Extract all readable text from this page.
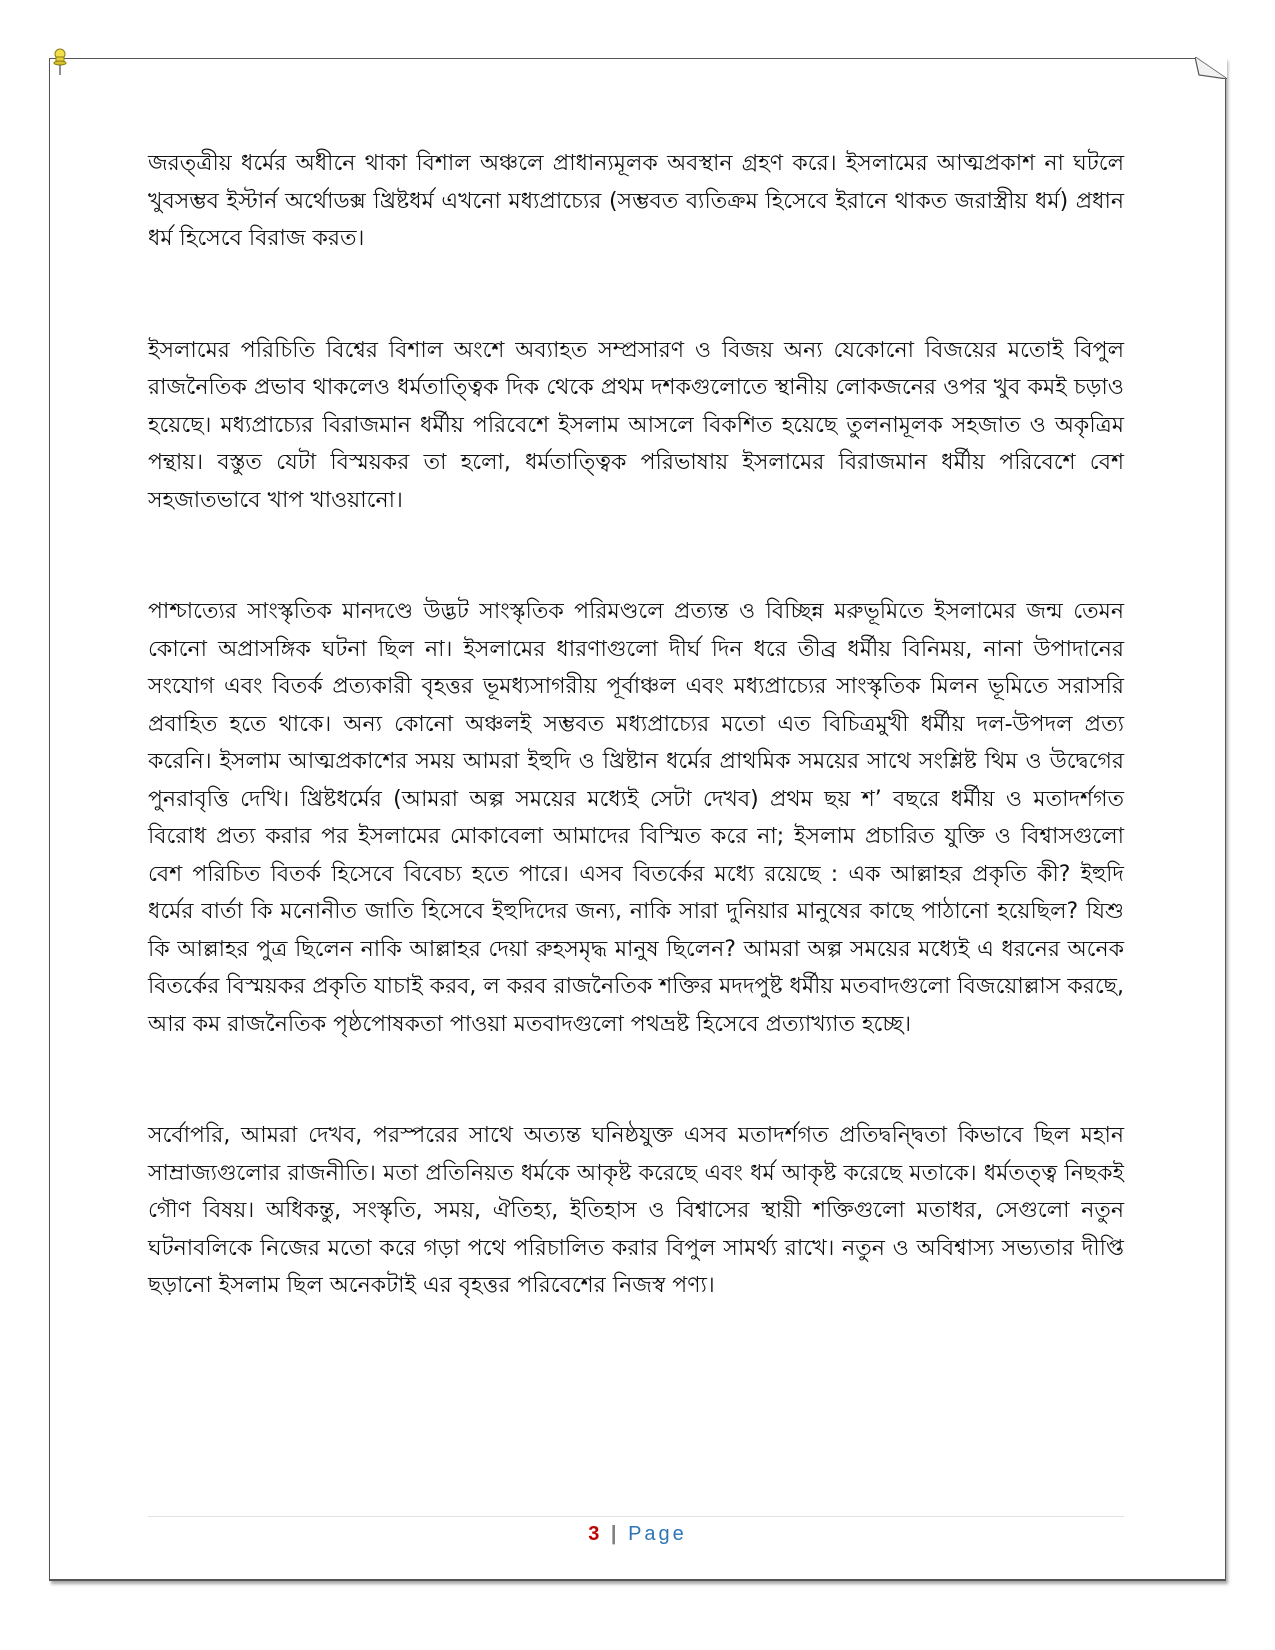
জরত্ত্রীয় ধর্মের অধীনে থাকা বিশাল অঞ্চলে প্রাধান্যমূলক অবস্থান গ্রহণ করে। ইসলামের আত্মপ্রকাশ না ঘটলে খুবসম্ভব ইস্টার্ন অর্থোডক্স খ্রিষ্টধর্ম এখনো মধ্যপ্রাচ্যের (সম্ভবত ব্যতিক্রম হিসেবে ইরানে থাকত জরাস্ত্রীয় ধর্ম) প্রধান ধর্ম হিসেবে বিরাজ করত।

ইসলামের পরিচিতি বিশ্বের বিশাল অংশে অব্যাহত সম্প্রসারণ ও বিজয় অন্য যেকোনো বিজয়ের মতোই বিপুল রাজনৈতিক প্রভাব থাকলেও ধর্মতাত্ত্বিক দিক থেকে প্রথম দশকগুলোতে স্থানীয় লোকজনের ওপর খুব কমই চড়াও হয়েছে। মধ্যপ্রাচ্যের বিরাজমান ধর্মীয় পরিবেশে ইসলাম আসলে বিকশিত হয়েছে তুলনামূলক সহজাত ও অকৃত্রিম পন্থায়। বস্তুত যেটা বিস্ময়কর তা হলো, ধর্মতাত্ত্বিক পরিভাষায় ইসলামের বিরাজমান ধর্মীয় পরিবেশে বেশ সহজাতভাবে খাপ খাওয়ানো।

পাশ্চাত্যের সাংস্কৃতিক মানদণ্ডে উদ্ভট সাংস্কৃতিক পরিমণ্ডলে প্রত্যন্ত ও বিচ্ছিন্ন মরুভূমিতে ইসলামের জন্ম তেমন কোনো অপ্রাসঙ্গিক ঘটনা ছিল না। ইসলামের ধারণাগুলো দীর্ঘ দিন ধরে তীব্র ধর্মীয় বিনিময়, নানা উপাদানের সংযোগ এবং বিতর্ক প্রত্যকারী বৃহত্তর ভূমধ্যসাগরীয় পূর্বাঞ্চল এবং মধ্যপ্রাচ্যের সাংস্কৃতিক মিলন ভূমিতে সরাসরি প্রবাহিত হতে থাকে। অন্য কোনো অঞ্চলই সম্ভবত মধ্যপ্রাচ্যের মতো এত বিচিত্রমুখী ধর্মীয় দল-উপদল প্রত্য করেনি। ইসলাম আত্মপ্রকাশের সময় আমরা ইহুদি ও খ্রিষ্টান ধর্মের প্রাথমিক সময়ের সাথে সংশ্লিষ্ট থিম ও উদ্বেগের পুনরাবৃত্তি দেখি। খ্রিষ্টধর্মের (আমরা অল্প সময়ের মধ্যেই সেটা দেখব) প্রথম ছয় শ’ বছরে ধর্মীয় ও মতাদর্শগত বিরোধ প্রত্য করার পর ইসলামের মোকাবেলা আমাদের বিস্মিত করে না; ইসলাম প্রচারিত যুক্তি ও বিশ্বাসগুলো বেশ পরিচিত বিতর্ক হিসেবে বিবেচ্য হতে পারে। এসব বিতর্কের মধ্যে রয়েছে : এক আল্লাহর প্রকৃতি কী? ইহুদি ধর্মের বার্তা কি মনোনীত জাতি হিসেবে ইহুদিদের জন্য, নাকি সারা দুনিয়ার মানুষের কাছে পাঠানো হয়েছিল? যিশু কি আল্লাহর পুত্র ছিলেন নাকি আল্লাহর দেয়া রুহসমৃদ্ধ মানুষ ছিলেন? আমরা অল্প সময়ের মধ্যেই এ ধরনের অনেক বিতর্কের বিস্ময়কর প্রকৃতি যাচাই করব, ল করব রাজনৈতিক শক্তির মদদপুষ্ট ধর্মীয় মতবাদগুলো বিজয়োল্লাস করছে, আর কম রাজনৈতিক পৃষ্ঠপোষকতা পাওয়া মতবাদগুলো পথভ্রষ্ট হিসেবে প্রত্যাখ্যাত হচ্ছে।

সর্বোপরি, আমরা দেখব, পরস্পরের সাথে অত্যন্ত ঘনিষ্ঠযুক্ত এসব মতাদর্শগত প্রতিদ্বন্দ্বিতা কিভাবে ছিল মহান সাম্রাজ্যগুলোর রাজনীতি। মতা প্রতিনিয়ত ধর্মকে আকৃষ্ট করেছে এবং ধর্ম আকৃষ্ট করেছে মতাকে। ধর্মতত্ত্ব নিছকই গৌণ বিষয়। অধিকন্তু, সংস্কৃতি, সময়, ঐতিহ্য, ইতিহাস ও বিশ্বাসের স্থায়ী শক্তিগুলো মতাধর, সেগুলো নতুন ঘটনাবলিকে নিজের মতো করে গড়া পথে পরিচালিত করার বিপুল সামর্থ্য রাখে। নতুন ও অবিশ্বাস্য সভ্যতার দীপ্তি ছড়ানো ইসলাম ছিল অনেকটাই এর বৃহত্তর পরিবেশের নিজস্ব পণ্য।

3 | Page
